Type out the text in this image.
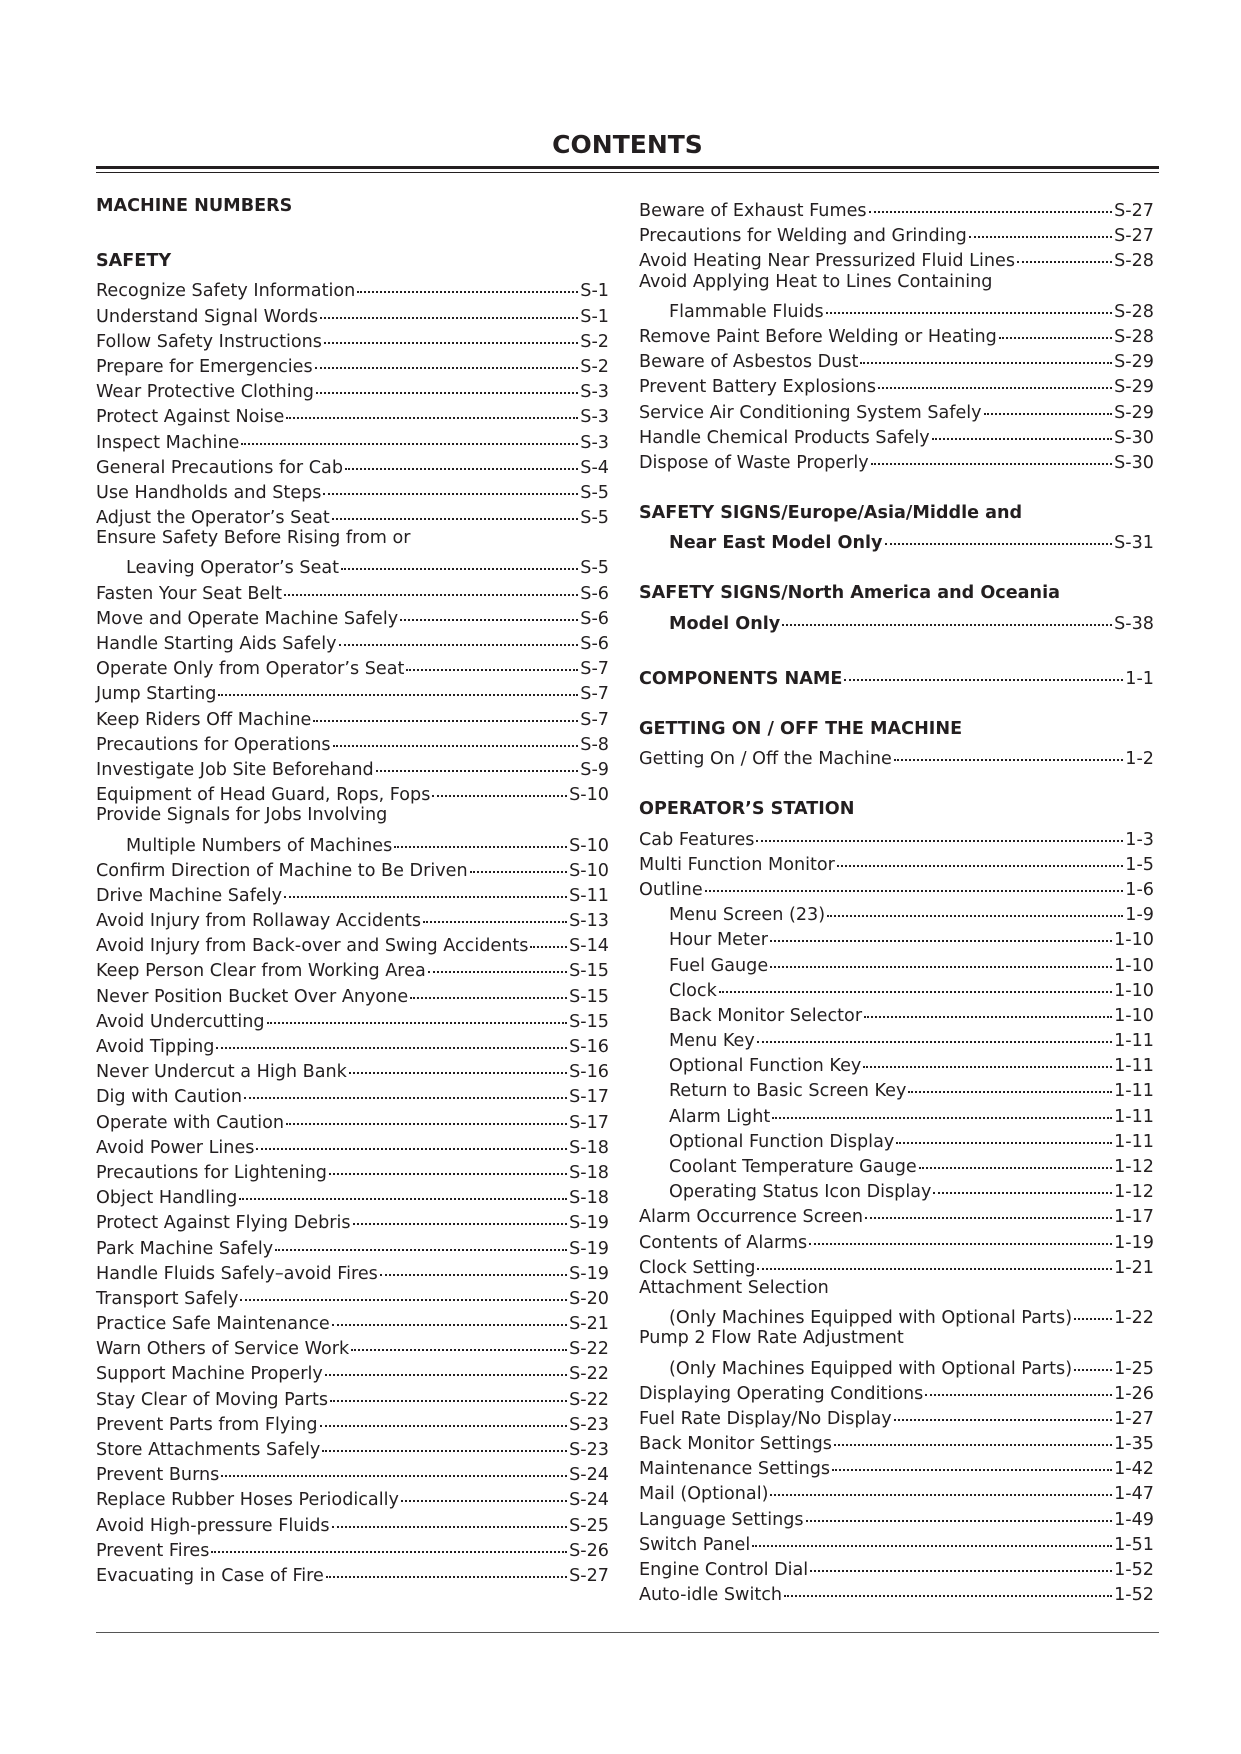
CONTENTS
MACHINE NUMBERS
SAFETY
Recognize Safety Information	S-1
Understand Signal Words	S-1
Follow Safety Instructions	S-2
Prepare for Emergencies	S-2
Wear Protective Clothing	S-3
Protect Against Noise	S-3
Inspect Machine	S-3
General Precautions for Cab	S-4
Use Handholds and Steps	S-5
Adjust the Operator’s Seat	S-5
Ensure Safety Before Rising from or
Leaving Operator’s Seat	S-5
Fasten Your Seat Belt	S-6
Move and Operate Machine Safely	S-6
Handle Starting Aids Safely	S-6
Operate Only from Operator’s Seat	S-7
Jump Starting	S-7
Keep Riders Off Machine	S-7
Precautions for Operations	S-8
Investigate Job Site Beforehand	S-9
Equipment of Head Guard, Rops, Fops	S-10
Provide Signals for Jobs Involving
Multiple Numbers of Machines	S-10
Confirm Direction of Machine to Be Driven	S-10
Drive Machine Safely	S-11
Avoid Injury from Rollaway Accidents	S-13
Avoid Injury from Back-over and Swing Accidents S-14
Keep Person Clear from Working Area	S-15
Never Position Bucket Over Anyone	S-15
Avoid Undercutting	S-15
Avoid Tipping	S-16
Never Undercut a High Bank	S-16
Dig with Caution	S-17
Operate with Caution	S-17
Avoid Power Lines	S-18
Precautions for Lightening	S-18
Object Handling	S-18
Protect Against Flying Debris	S-19
Park Machine Safely	S-19
Handle Fluids Safely–avoid Fires	S-19
Transport Safely	S-20
Practice Safe Maintenance	S-21
Warn Others of Service Work	S-22
Support Machine Properly	S-22
Stay Clear of Moving Parts	S-22
Prevent Parts from Flying	S-23
Store Attachments Safely	S-23
Prevent Burns	S-24
Replace Rubber Hoses Periodically	S-24
Avoid High-pressure Fluids	S-25
Prevent Fires	S-26
Evacuating in Case of Fire	S-27
Beware of Exhaust Fumes	S-27
Precautions for Welding and Grinding	S-27
Avoid Heating Near Pressurized Fluid Lines	S-28
Avoid Applying Heat to Lines Containing
Flammable Fluids	S-28
Remove Paint Before Welding or Heating	S-28
Beware of Asbestos Dust	S-29
Prevent Battery Explosions	S-29
Service Air Conditioning System Safely	S-29
Handle Chemical Products Safely	S-30
Dispose of Waste Properly	S-30
SAFETY SIGNS/Europe/Asia/Middle and
Near East Model Only	S-31
SAFETY SIGNS/North America and Oceania
Model Only	S-38
COMPONENTS NAME	1-1
GETTING ON / OFF THE MACHINE
Getting On / Off the Machine	1-2
OPERATOR’S STATION
Cab Features	1-3
Multi Function Monitor	1-5
Outline	1-6
Menu Screen (23)	1-9
Hour Meter	1-10
Fuel Gauge	1-10
Clock	1-10
Back Monitor Selector	1-10
Menu Key	1-11
Optional Function Key	1-11
Return to Basic Screen Key	1-11
Alarm Light	1-11
Optional Function Display	1-11
Coolant Temperature Gauge	1-12
Operating Status Icon Display	1-12
Alarm Occurrence Screen	1-17
Contents of Alarms	1-19
Clock Setting	1-21
Attachment Selection
(Only Machines Equipped with Optional Parts) 1-22
Pump 2 Flow Rate Adjustment
(Only Machines Equipped with Optional Parts) 1-25
Displaying Operating Conditions	1-26
Fuel Rate Display/No Display	1-27
Back Monitor Settings	1-35
Maintenance Settings	1-42
Mail (Optional)	1-47
Language Settings	1-49
Switch Panel	1-51
Engine Control Dial	1-52
Auto-idle Switch	1-52
